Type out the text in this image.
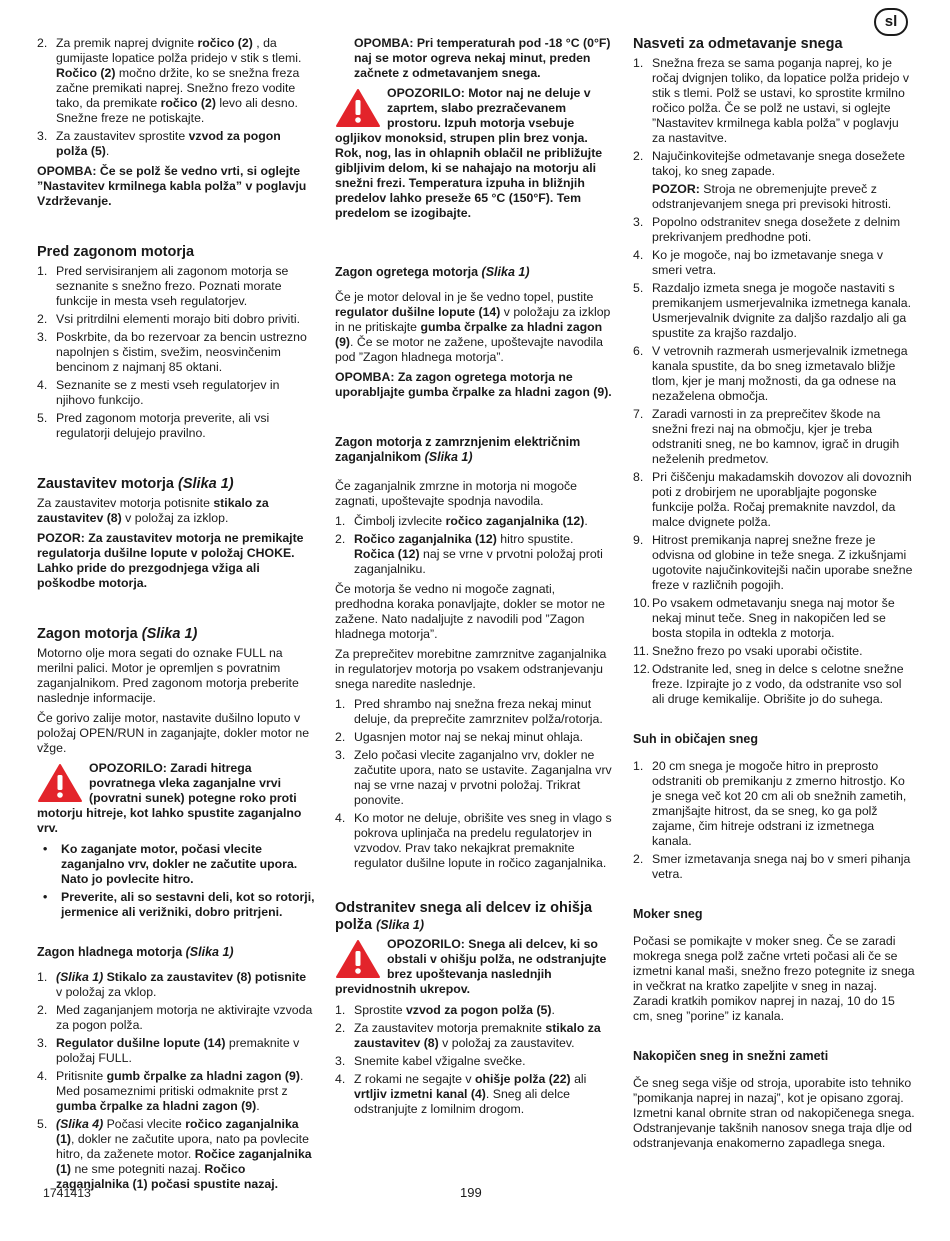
sl
2. Za premik naprej dvignite ročico (2) , da gumijaste lopatice polža pridejo v stik s tlemi. Ročico (2) močno držite, ko se snežna freza začne premikati naprej. Snežno frezo vodite tako, da premikate ročico (2) levo ali desno. Snežne freze ne potiskajte.
3. Za zaustavitev sprostite vzvod za pogon polža (5).

OPOMBA: Če se polž še vedno vrti, si oglejte ”Nastavitev krmilnega kabla polža” v poglavju Vzdrževanje.

Pred zagonom motorja
1. Pred servisiranjem ali zagonom motorja se seznanite s snežno frezo. Poznati morate funkcije in mesta vseh regulatorjev.
2. Vsi pritrdilni elementi morajo biti dobro priviti.
3. Poskrbite, da bo rezervoar za bencin ustrezno napolnjen s čistim, svežim, neosvinčenim bencinom z najmanj 85 oktani.
4. Seznanite se z mesti vseh regulatorjev in njihovo funkcijo.
5. Pred zagonom motorja preverite, ali vsi regulatorji delujejo pravilno.
Zaustavitev motorja (Slika 1)

Za zaustavitev motorja potisnite stikalo za zaustavitev (8) v položaj za izklop.

POZOR: Za zaustavitev motorja ne premikajte regulatorja dušilne lopute v položaj CHOKE. Lahko pride do prezgodnjega vžiga ali poškodbe motorja.

Zagon motorja (Slika 1)

Motorno olje mora segati do oznake FULL na merilni palici. Motor je opremljen s povratnim zaganjalnikom. Pred zagonom motorja preberite naslednje informacije.

Če gorivo zalije motor, nastavite dušilno loputo v položaj OPEN/RUN in zaganjajte, dokler motor ne vžge.

OPOZORILO: Zaradi hitrega povratnega vleka zaganjalne vrvi (povratni sunek) potegne roko proti motorju hitreje, kot lahko spustite zaganjalno vrv.
•	Ko zaganjate motor, počasi vlecite zaganjalno vrv, dokler ne začutite upora. Nato jo povlecite hitro.
•	Preverite, ali so sestavni deli, kot so rotorji, jermenice ali verižniki, dobro pritrjeni.
Zagon hladnega motorja (Slika 1)
1. (Slika 1) Stikalo za zaustavitev (8) potisnite v položaj za vklop.
2. Med zaganjanjem motorja ne aktivirajte vzvoda za pogon polža.
3. Regulator dušilne lopute (14) premaknite v položaj FULL.
4. Pritisnite gumb črpalke za hladni zagon (9). Med posameznimi pritiski odmaknite prst z gumba črpalke za hladni zagon (9).
5. (Slika 4) Počasi vlecite ročico zaganjalnika (1), dokler ne začutite upora, nato pa povlecite hitro, da zaženete motor. Ročice zaganjalnika (1) ne sme potegniti nazaj. Ročico zaganjalnika (1) počasi spustite nazaj.

OPOMBA: Pri temperaturah pod -18 °C (0°F) naj se motor ogreva nekaj minut, preden začnete z odmetavanjem snega.

OPOZORILO: Motor naj ne deluje v zaprtem, slabo prezračevanem prostoru. Izpuh motorja vsebuje ogljikov monoksid, strupen plin brez vonja. Rok, nog, las in ohlapnih oblačil ne približujte gibljivim delom, ki se nahajajo na motorju ali snežni frezi. Temperatura izpuha in bližnjih predelov lahko preseže 65 °C (150°F). Tem predelom se izogibajte.
Zagon ogretega motorja (Slika 1)

Če je motor deloval in je še vedno topel, pustite regulator dušilne lopute (14) v položaju za izklop in ne pritiskajte gumba črpalke za hladni zagon (9). Če se motor ne zažene, upoštevajte navodila pod ”Zagon hladnega motorja”.

OPOMBA: Za zagon ogretega motorja ne uporabljajte gumba črpalke za hladni zagon (9).

Zagon motorja z zamrznjenim električnim zaganjalnikom (Slika 1)

Če zaganjalnik zmrzne in motorja ni mogoče zagnati, upoštevajte spodnja navodila.

1. Čimbolj izvlecite ročico zaganjalnika (12).
2. Ročico zaganjalnika (12) hitro spustite. Ročica (12) naj se vrne v prvotni položaj proti zaganjalniku.

Če motorja še vedno ni mogoče zagnati, predhodna koraka ponavljajte, dokler se motor ne zažene. Nato nadaljujte z navodili pod ”Zagon hladnega motorja”.

Za preprečitev morebitne zamrznitve zaganjalnika in regulatorjev motorja po vsakem odstranjevanju snega naredite naslednje.

1. Pred shrambo naj snežna freza nekaj minut deluje, da preprečite zamrznitev polža/rotorja.
2. Ugasnjen motor naj se nekaj minut ohlaja.
3. Zelo počasi vlecite zaganjalno vrv, dokler ne začutite upora, nato se ustavite. Zaganjalna vrv naj se vrne nazaj v prvotni položaj. Trikrat ponovite.
4. Ko motor ne deluje, obrišite ves sneg in vlago s pokrova uplinjača na predelu regulatorjev in vzvodov. Prav tako nekajkrat premaknite regulator dušilne lopute in ročico zaganjalnika.
Odstranitev snega ali delcev iz ohišja polža (Slika 1)
OPOZORILO: Snega ali delcev, ki so obstali v ohišju polža, ne odstranjujte brez upoštevanja naslednjih previdnostnih ukrepov.
1. Sprostite vzvod za pogon polža (5).
2. Za zaustavitev motorja premaknite stikalo za zaustavitev (8) v položaj za zaustavitev.
3. Snemite kabel vžigalne svečke.
4. Z rokami ne segajte v ohišje polža (22) ali vrtljiv izmetni kanal (4). Sneg ali delce odstranjujte z lomilnim drogom.
Nasveti za odmetavanje snega
1. Snežna freza se sama poganja naprej, ko je ročaj dvignjen toliko, da lopatice polža pridejo v stik s tlemi. Polž se ustavi, ko sprostite krmilno ročico polža. Če se polž ne ustavi, si oglejte ”Nastavitev krmilnega kabla polža” v poglavju za nastavitve.
2. Najučinkovitejše odmetavanje snega dosežete takoj, ko sneg zapade.
POZOR: Stroja ne obremenjujte preveč z odstranjevanjem snega pri previsoki hitrosti.
3. Popolno odstranitev snega dosežete z delnim prekrivanjem predhodne poti.
4. Ko je mogoče, naj bo izmetavanje snega v smeri vetra.
5. Razdaljo izmeta snega je mogoče nastaviti s premikanjem usmerjevalnika izmetnega kanala. Usmerjevalnik dvignite za daljšo razdaljo ali ga spustite za krajšo razdaljo.
6. V vetrovnih razmerah usmerjevalnik izmetnega kanala spustite, da bo sneg izmetavalo bližje tlom, kjer je manj možnosti, da ga odnese na nezaželena območja.
7. Zaradi varnosti in za preprečitev škode na snežni frezi naj na območju, kjer je treba odstraniti sneg, ne bo kamnov, igrač in drugih neželenih predmetov.
8. Pri čiščenju makadamskih dovozov ali dovoznih poti z drobirjem ne uporabljajte pogonske funkcije polža. Ročaj premaknite navzdol, da malce dvignete polža.
9. Hitrost premikanja naprej snežne freze je odvisna od globine in teže snega. Z izkušnjami ugotovite najučinkovitejši način uporabe snežne freze v različnih pogojih.
10. Po vsakem odmetavanju snega naj motor še nekaj minut teče. Sneg in nakopičen led se bosta stopila in odtekla z motorja.
11. Snežno frezo po vsaki uporabi očistite.
12. Odstranite led, sneg in delce s celotne snežne freze. Izpirajte jo z vodo, da odstranite vso sol ali druge kemikalije. Obrišite jo do suhega.
Suh in običajen sneg
1. 20 cm snega je mogoče hitro in preprosto odstraniti ob premikanju z zmerno hitrostjo. Ko je snega več kot 20 cm ali ob snežnih zametih, zmanjšajte hitrost, da se sneg, ko ga polž zajame, čim hitreje odstrani iz izmetnega kanala.
2. Smer izmetavanja snega naj bo v smeri pihanja vetra.
Moker sneg

Počasi se pomikajte v moker sneg. Če se zaradi mokrega snega polž začne vrteti počasi ali če se izmetni kanal maši, snežno frezo potegnite iz snega in večkrat na kratko zapeljite v sneg in nazaj. Zaradi kratkih pomikov naprej in nazaj, 10 do 15 cm, sneg ”porine” iz kanala.

Nakopičen sneg in snežni zameti

Če sneg sega višje od stroja, uporabite isto tehniko ”pomikanja naprej in nazaj”, kot je opisano zgoraj. Izmetni kanal obrnite stran od nakopičenega snega. Odstranjevanje takšnih nanosov snega traja dlje od odstranjevanja enakomerno zapadlega snega.

1741413	199
